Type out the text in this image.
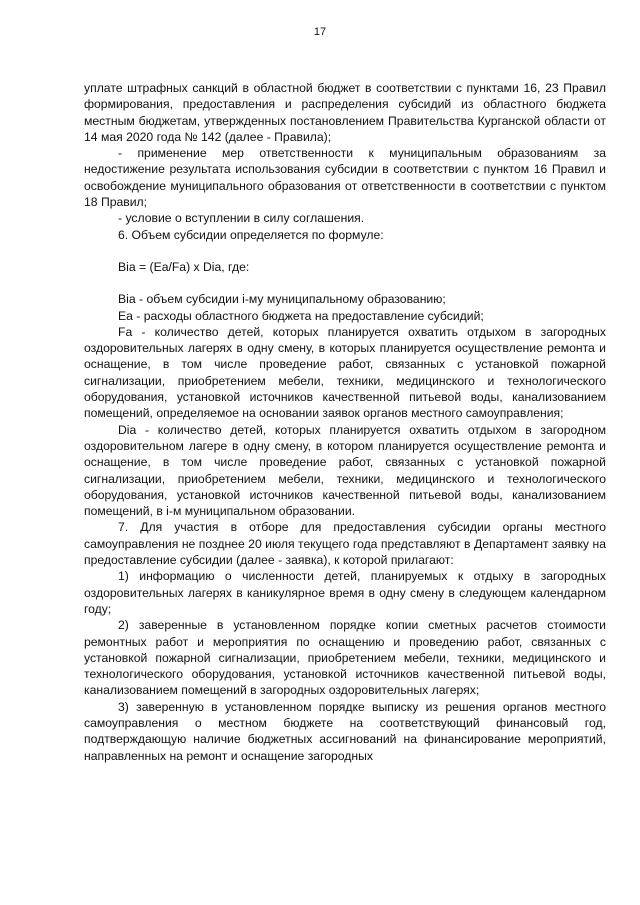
17

уплате штрафных санкций в областной бюджет в соответствии с пунктами 16, 23 Правил формирования, предоставления и распределения субсидий из областного бюджета местным бюджетам, утвержденных постановлением Правительства Курганской области от 14 мая 2020 года № 142 (далее - Правила);

- применение мер ответственности к муниципальным образованиям за недостижение результата использования субсидии в соответствии с пунктом 16 Правил и освобождение муниципального образования от ответственности в соответствии с пунктом 18 Правил;

- условие о вступлении в силу соглашения.

6. Объем субсидии определяется по формуле:

Bia = (Ea/Fa) x Dia, где:

Bia - объем субсидии i-му муниципальному образованию;

Ea - расходы областного бюджета на предоставление субсидий;

Fa - количество детей, которых планируется охватить отдыхом в загородных оздоровительных лагерях в одну смену, в которых планируется осуществление ремонта и оснащение, в том числе проведение работ, связанных с установкой пожарной сигнализации, приобретением мебели, техники, медицинского и технологического оборудования, установкой источников качественной питьевой воды, канализованием помещений, определяемое на основании заявок органов местного самоуправления;

Dia - количество детей, которых планируется охватить отдыхом в загородном оздоровительном лагере в одну смену, в котором планируется осуществление ремонта и оснащение, в том числе проведение работ, связанных с установкой пожарной сигнализации, приобретением мебели, техники, медицинского и технологического оборудования, установкой источников качественной питьевой воды, канализованием помещений, в i-м муниципальном образовании.

7. Для участия в отборе для предоставления субсидии органы местного самоуправления не позднее 20 июля текущего года представляют в Департамент заявку на предоставление субсидии (далее - заявка), к которой прилагают:

1) информацию о численности детей, планируемых к отдыху в загородных оздоровительных лагерях в каникулярное время в одну смену в следующем календарном году;

2) заверенные в установленном порядке копии сметных расчетов стоимости ремонтных работ и мероприятия по оснащению и проведению работ, связанных с установкой пожарной сигнализации, приобретением мебели, техники, медицинского и технологического оборудования, установкой источников качественной питьевой воды, канализованием помещений в загородных оздоровительных лагерях;

3) заверенную в установленном порядке выписку из решения органов местного самоуправления о местном бюджете на соответствующий финансовый год, подтверждающую наличие бюджетных ассигнований на финансирование мероприятий, направленных на ремонт и оснащение загородных
